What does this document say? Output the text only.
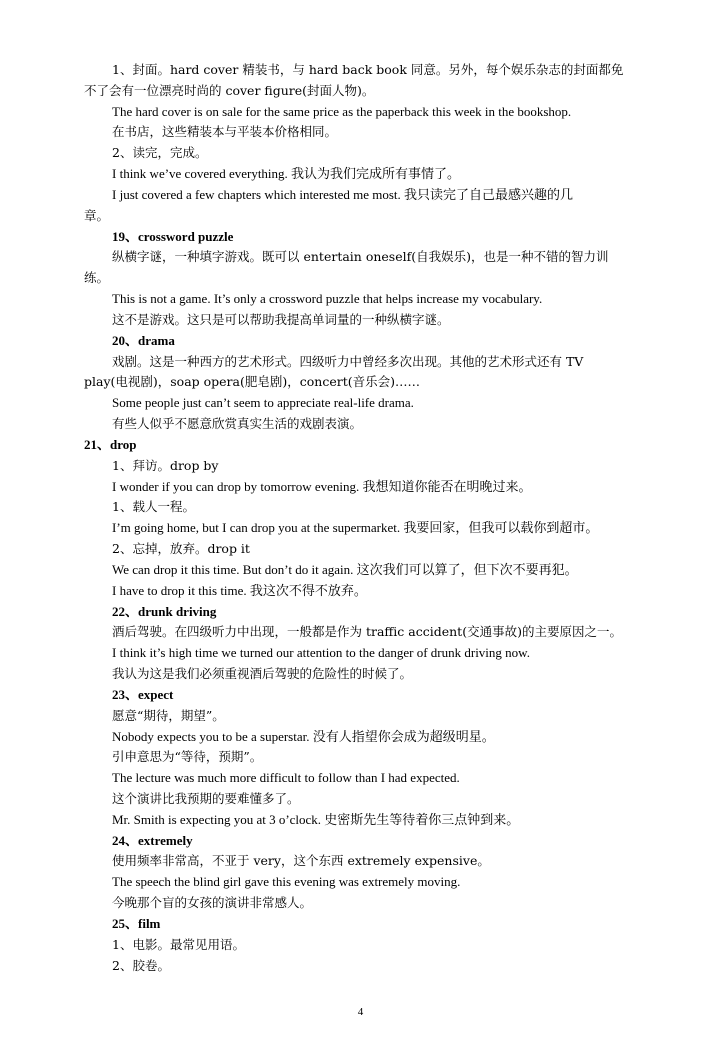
1、封面。hard cover 精装书，与 hard back book 同意。另外，每个娱乐杂志的封面都免
不了会有一位漂亮时尚的 cover figure(封面人物)。
The hard cover is on sale for the same price as the paperback this week in the bookshop.
在书店，这些精装本与平装本价格相同。
2、读完，完成。
I think we’ve covered everything. 我认为我们完成所有事情了。
I just covered a few chapters which interested me most. 我只读完了自己最感兴趣的几
章。
19、crossword puzzle
纵横字谜，一种填字游戏。既可以 entertain oneself(自我娱乐)，也是一种不错的智力训
练。
This is not a game. It’s only a crossword puzzle that helps increase my vocabulary.
这不是游戏。这只是可以帮助我提高单词量的一种纵横字谜。
20、drama
戏剧。这是一种西方的艺术形式。四级听力中曾经多次出现。其他的艺术形式还有 TV
play(电视剧)，soap opera(肥皂剧)，concert(音乐会)……
Some people just can’t seem to appreciate real-life drama.
有些人似乎不愿意欣赏真实生活的戏剧表演。
21、drop
1、拜访。drop by
I wonder if you can drop by tomorrow evening. 我想知道你能否在明晚过来。
1、载人一程。
I’m going home, but I can drop you at the supermarket. 我要回家，但我可以载你到超市。
2、忘掉，放弃。drop it
We can drop it this time. But don’t do it again. 这次我们可以算了，但下次不要再犯。
I have to drop it this time. 我这次不得不放弃。
22、drunk driving
酒后驾驶。在四级听力中出现，一般都是作为 traffic accident(交通事故)的主要原因之一。
I think it’s high time we turned our attention to the danger of drunk driving now.
我认为这是我们必须重视酒后驾驶的危险性的时候了。
23、expect
愿意“期待，期望”。
Nobody expects you to be a superstar. 没有人指望你会成为超级明星。
引申意思为“等待，预期”。
The lecture was much more difficult to follow than I had expected.
这个演讲比我预期的要难懂多了。
Mr. Smith is expecting you at 3 o’clock. 史密斯先生等待着你三点钟到来。
24、extremely
使用频率非常高，不亚于 very，这个东西 extremely expensive。
The speech the blind girl gave this evening was extremely moving.
今晚那个盲的女孩的演讲非常感人。
25、film
1、电影。最常见用语。
2、胶卷。
4
